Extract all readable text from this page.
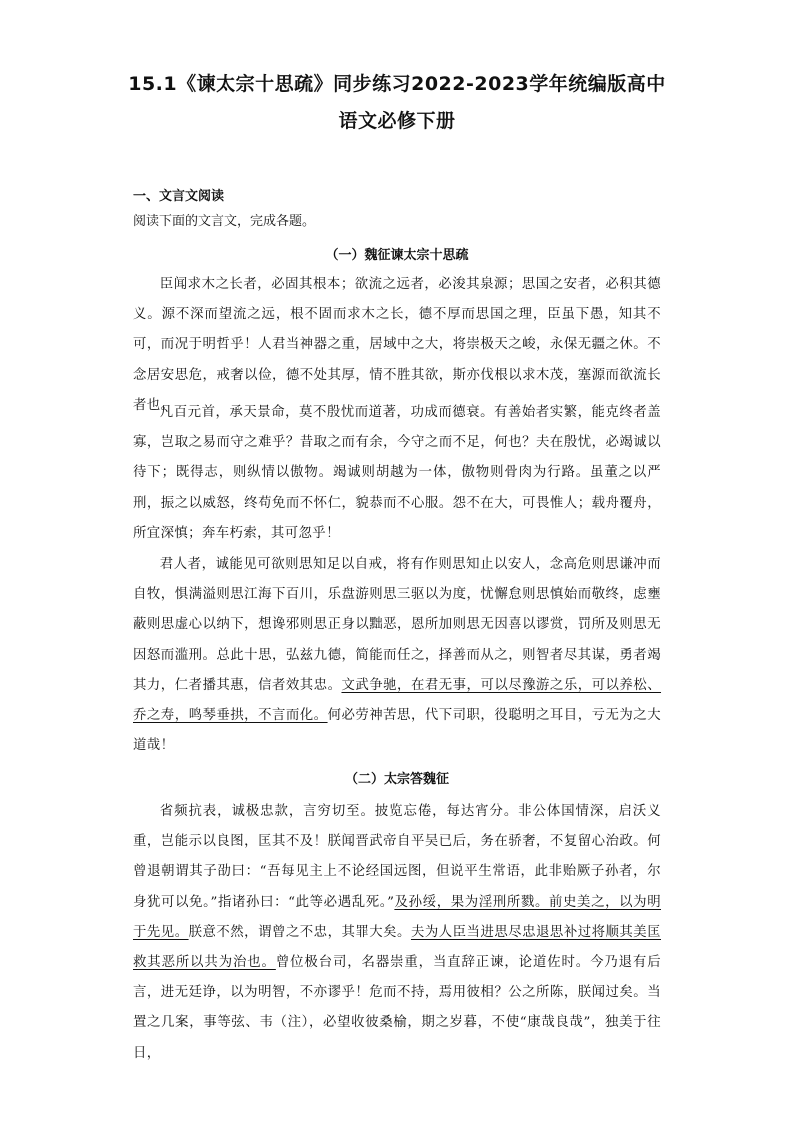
15.1《谏太宗十思疏》同步练习2022-2023学年统编版高中
语文必修下册
一、文言文阅读
阅读下面的文言文，完成各题。
（一）魏征谏太宗十思疏

臣闻求木之长者，必固其根本；欲流之远者，必浚其泉源；思国之安者，必积其德义。源不深而望流之远，根不固而求木之长，德不厚而思国之理，臣虽下愚，知其不可，而况于明哲乎！人君当神器之重，居域中之大，将崇极天之峻，永保无疆之休。不念居安思危，戒奢以俭，德不处其厚，情不胜其欲，斯亦伐根以求木茂，塞源而欲流长者也。

凡百元首，承天景命，莫不殷忧而道著，功成而德衰。有善始者实繁，能克终者盖寡，岂取之易而守之难乎？昔取之而有余，今守之而不足，何也？夫在殷忧，必竭诚以待下；既得志，则纵情以傲物。竭诚则胡越为一体，傲物则骨肉为行路。虽董之以严刑，振之以威怒，终苟免而不怀仁，貌恭而不心服。怨不在大，可畏惟人；载舟覆舟，所宜深慎；奔车朽索，其可忽乎！

君人者，诚能见可欲则思知足以自戒，将有作则思知止以安人，念高危则思谦冲而自牧，惧满溢则思江海下百川，乐盘游则思三驱以为度，忧懈怠则思慎始而敬终，虑壅蔽则思虚心以纳下，想谗邪则思正身以黜恶，恩所加则思无因喜以谬赏，罚所及则思无因怒而滥刑。总此十思，弘兹九德，简能而任之，择善而从之，则智者尽其谋，勇者竭其力，仁者播其惠，信者效其忠。文武争驰，在君无事，可以尽豫游之乐，可以养松、乔之寿，鸣琴垂拱，不言而化。何必劳神苦思，代下司职，役聪明之耳目，亏无为之大道哉！

（二）太宗答魏征

省频抗表，诚极忠款，言穷切至。披览忘倦，每达宵分。非公体国情深，启沃义重，岂能示以良图，匡其不及！朕闻晋武帝自平吴已后，务在骄奢，不复留心治政。何曾退朝谓其子劭曰：“吾每见主上不论经国远图，但说平生常语，此非贻厥子孙者，尔身犹可以免。”指诸孙曰：“此等必遇乱死。”及孙绥，果为淫刑所戮。前史美之，以为明于先见。朕意不然，谓曾之不忠，其罪大矣。夫为人臣当进思尽忠退思补过将顺其美匡救其恶所以共为治也。曾位极台司，名器崇重，当直辞正谏，论道佐时。今乃退有后言，进无廷诤，以为明智，不亦谬乎！危而不持，焉用彼相？公之所陈，朕闻过矣。当置之几案，事等弦、韦（注），必望收彼桑榆，期之岁暮，不使“康哉良哉”，独美于往日，
